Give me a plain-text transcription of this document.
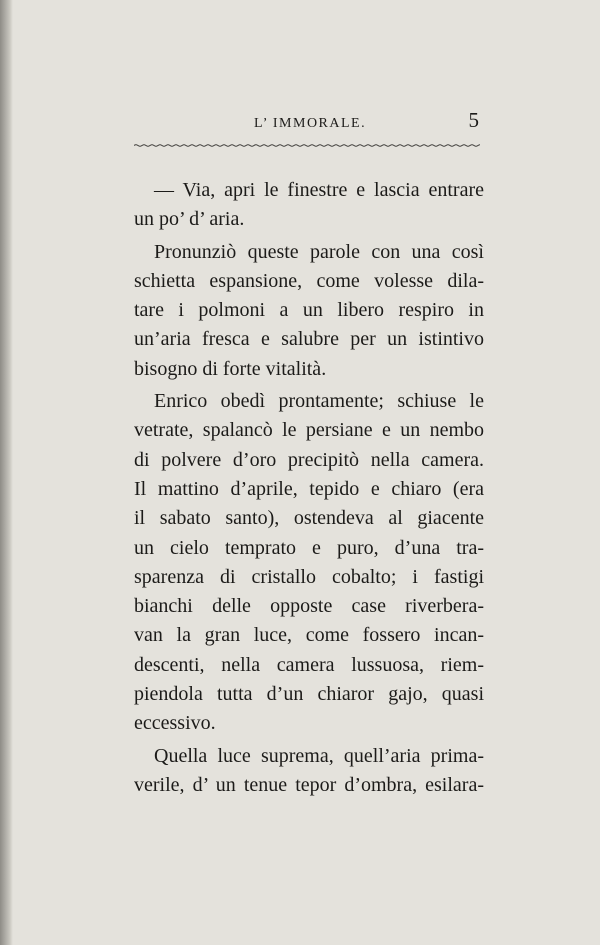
L’ IMMORALE.	5
— Via, apri le finestre e lascia entrare
un po’ d’ aria.
Pronunziò queste parole con una così
schietta espansione, come volesse dila-
tare i polmoni a un libero respiro in
un’aria fresca e salubre per un istintivo
bisogno di forte vitalità.
Enrico obedì prontamente; schiuse le
vetrate, spalancò le persiane e un nembo
di polvere d’oro precipitò nella camera.
Il mattino d’aprile, tepido e chiaro (era
il sabato santo), ostendeva al giacente
un cielo temprato e puro, d’una tra-
sparenza di cristallo cobalto; i fastigi
bianchi delle opposte case riverbera-
van la gran luce, come fossero incan-
descenti, nella camera lussuosa, riem-
piendola tutta d’un chiaror gajo, quasi
eccessivo.
Quella luce suprema, quell’aria prima-
verile, d’ un tenue tepor d’ombra, esilara-
